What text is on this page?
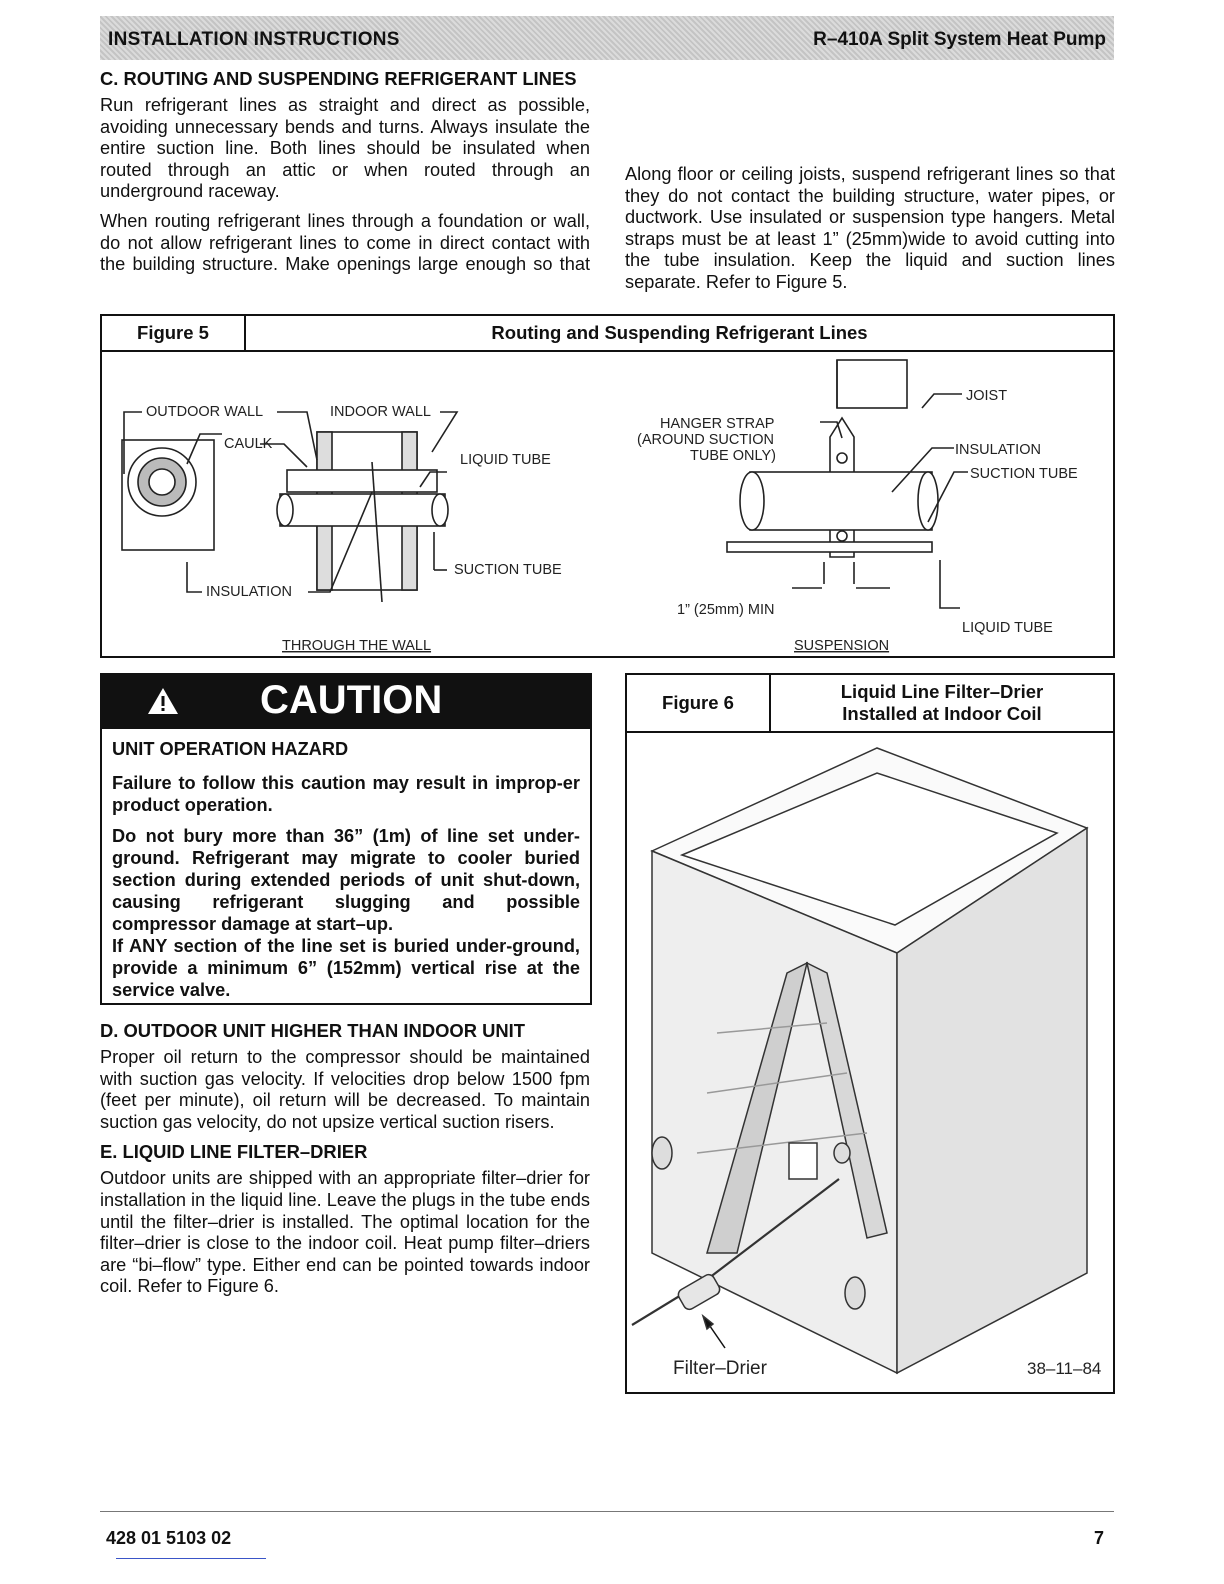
INSTALLATION INSTRUCTIONS	R–410A Split System Heat Pump
C. ROUTING AND SUSPENDING REFRIGERANT LINES

Run refrigerant lines as straight and direct as possible, avoiding unnecessary bends and turns. Always insulate the entire suction line. Both lines should be insulated when routed through an attic or when routed through an underground raceway.

When routing refrigerant lines through a foundation or wall, do not allow refrigerant lines to come in direct contact with the building structure. Make openings large enough so that

Along floor or ceiling joists, suspend refrigerant lines so that they do not contact the building structure, water pipes, or ductwork. Use insulated or suspension type hangers. Metal straps must be at least 1” (25mm)wide to avoid cutting into the tube insulation. Keep the liquid and suction lines separate. Refer to Figure 5.

Figure 5	Routing and Suspending Refrigerant Lines
OUTDOOR WALL	INDOOR WALL
CAULK
LIQUID TUBE
SUCTION TUBE
INSULATION
THROUGH THE WALL
HANGER STRAP
(AROUND SUCTION
TUBE ONLY)
JOIST
INSULATION
SUCTION TUBE
1” (25mm) MIN
LIQUID TUBE
SUSPENSION
CAUTION

UNIT OPERATION HAZARD

Failure to follow this caution may result in improp-er product operation.

Do not bury more than 36” (1m) of line set under-ground. Refrigerant may migrate to cooler buried section during extended periods of unit shut-down, causing refrigerant slugging and possible compressor damage at start–up.

If ANY section of the line set is buried under-ground, provide a minimum 6” (152mm) vertical rise at the service valve.

D. OUTDOOR UNIT HIGHER THAN INDOOR UNIT

Proper oil return to the compressor should be maintained with suction gas velocity. If velocities drop below 1500 fpm (feet per minute), oil return will be decreased. To maintain suction gas velocity, do not upsize vertical suction risers.

E. LIQUID LINE FILTER–DRIER

Outdoor units are shipped with an appropriate filter–drier for installation in the liquid line. Leave the plugs in the tube ends until the filter–drier is installed. The optimal location for the filter–drier is close to the indoor coil. Heat pump filter–driers are “bi–flow” type. Either end can be pointed towards indoor coil. Refer to Figure 6.

Figure 6
Liquid Line Filter–Drier
Installed at Indoor Coil
Filter–Drier	38–11–84
428 01 5103 02	7
